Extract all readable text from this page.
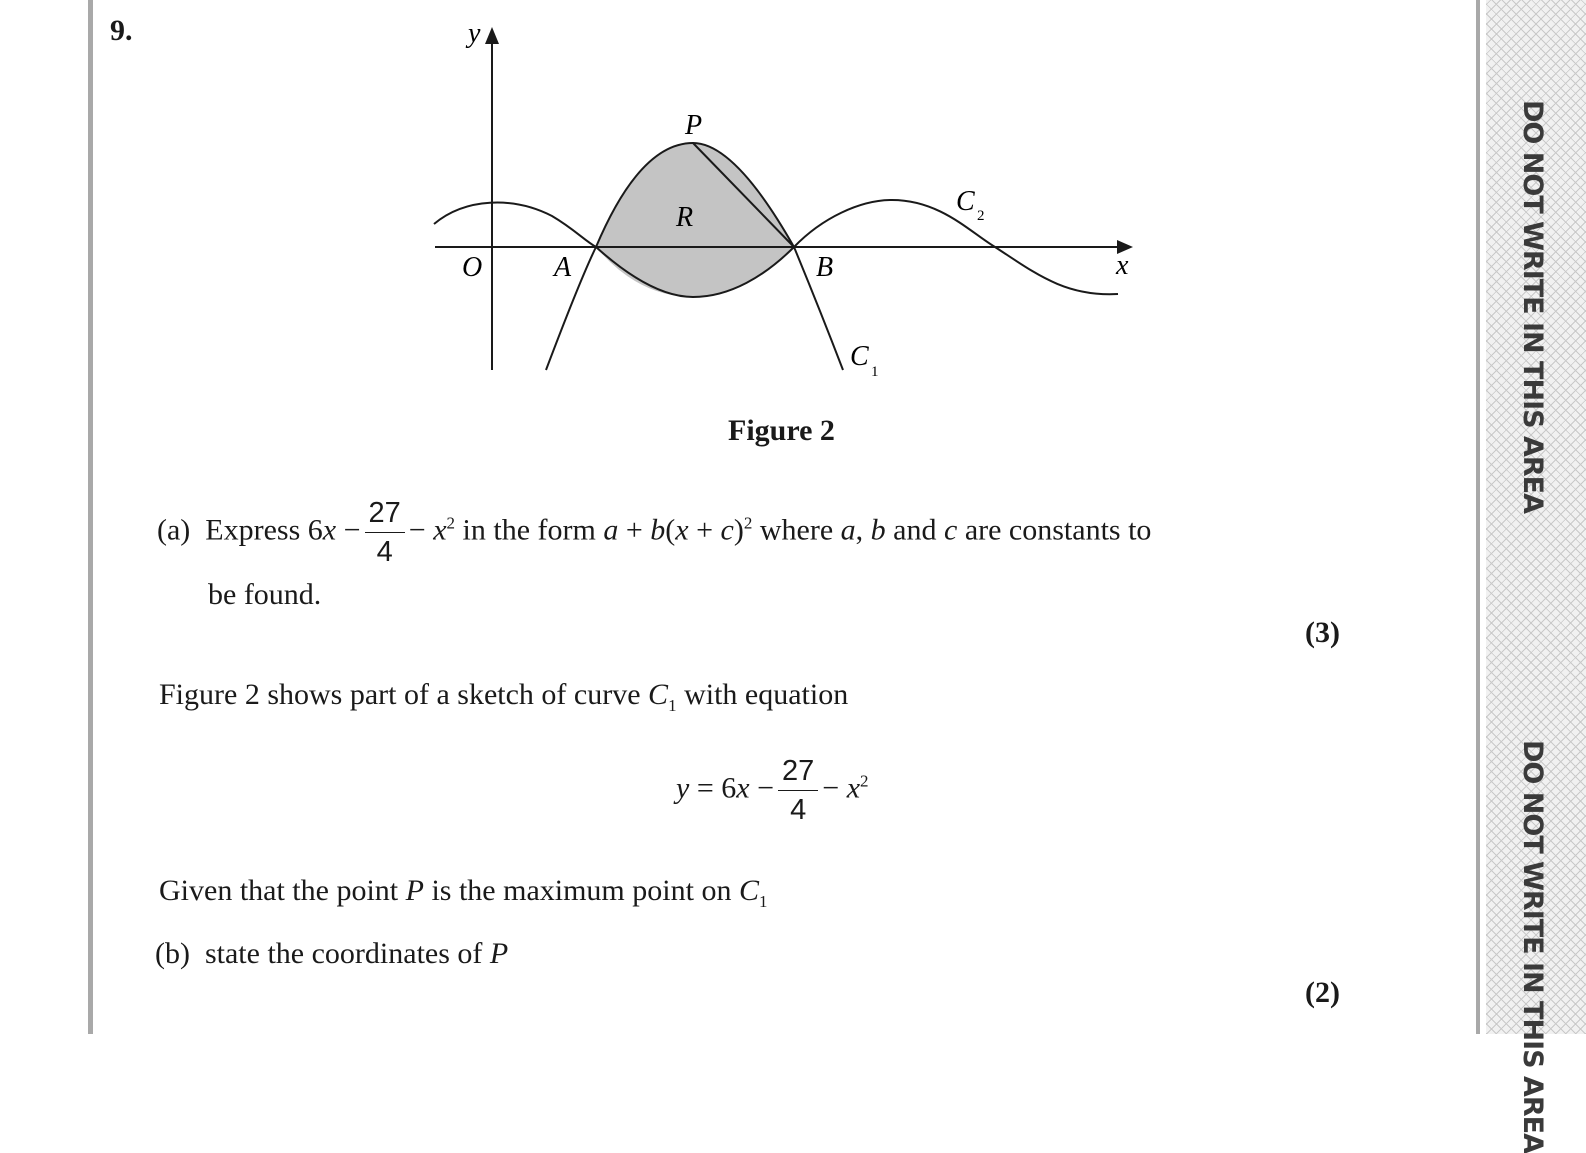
DO NOT WRITE IN THIS AREA
DO NOT WRITE IN THIS AREA
9.	y
O	A	B
P
R
x
C 2
C 1
Figure 2
(a) Express $6x - \frac{27}{4} - x^2$ in the form $a + b(x + c)^2$ where a, b and c are constants to
be found.
(3)
Figure 2 shows part of a sketch of curve $C_1$ with equation
$y = 6x - \frac{27}{4} - x^2$
Given that the point P is the maximum point on $C_1$
(b) state the coordinates of P
(2)
